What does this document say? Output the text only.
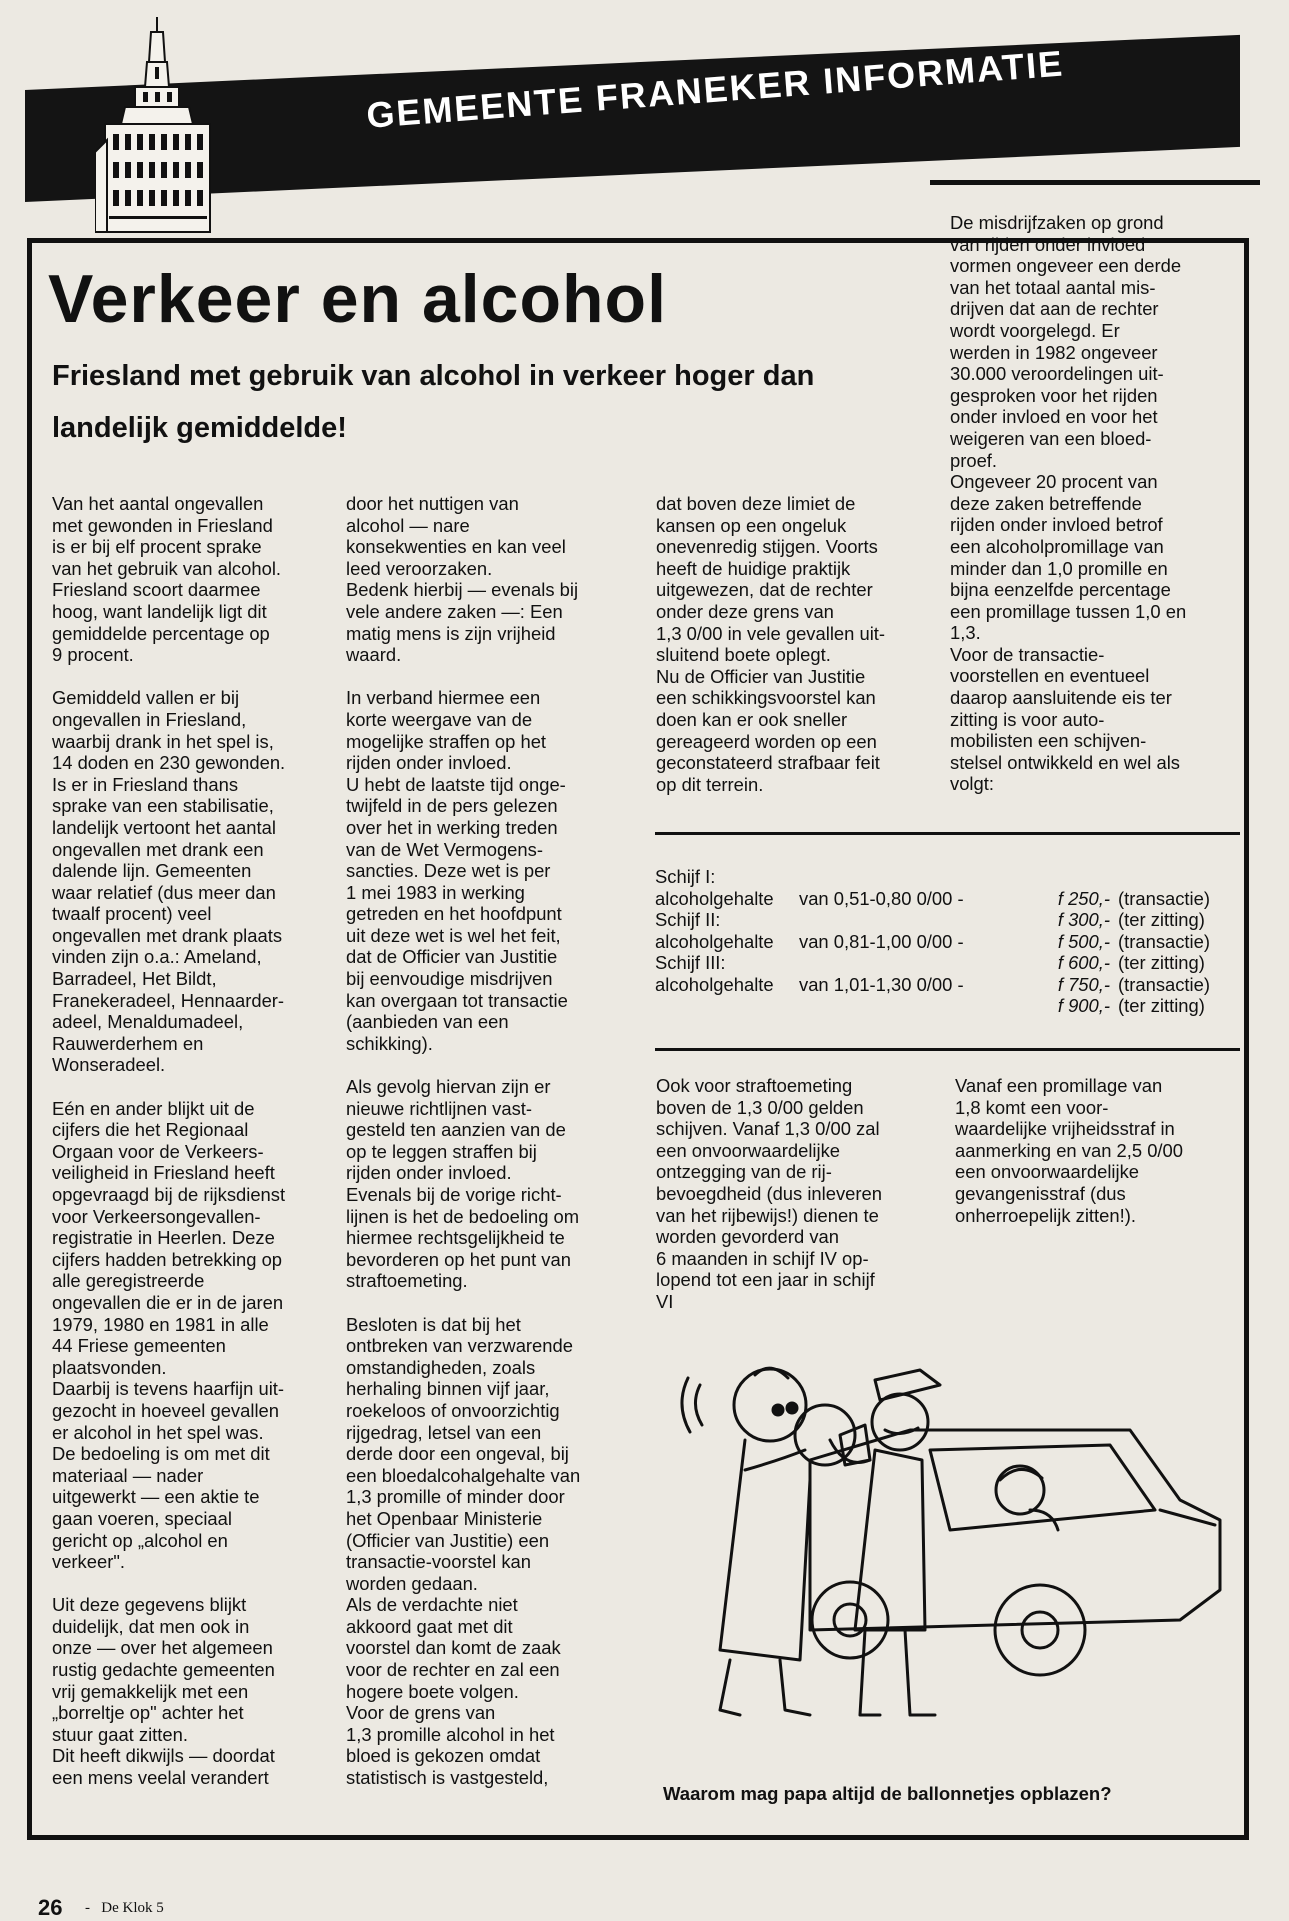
GEMEENTE FRANEKER INFORMATIE
Verkeer en alcohol
Friesland met gebruik van alcohol in verkeer hoger dan landelijk gemiddelde!
Van het aantal ongevallen
met gewonden in Friesland
is er bij elf procent sprake
van het gebruik van alcohol.
Friesland scoort daarmee
hoog, want landelijk ligt dit
gemiddelde percentage op
9 procent.

Gemiddeld vallen er bij
ongevallen in Friesland,
waarbij drank in het spel is,
14 doden en 230 gewonden.
Is er in Friesland thans
sprake van een stabilisatie,
landelijk vertoont het aantal
ongevallen met drank een
dalende lijn. Gemeenten
waar relatief (dus meer dan
twaalf procent) veel
ongevallen met drank plaats
vinden zijn o.a.: Ameland,
Barradeel, Het Bildt,
Franekeradeel, Hennaarder-
adeel, Menaldumadeel,
Rauwerderhem en
Wonseradeel.

Eén en ander blijkt uit de
cijfers die het Regionaal
Orgaan voor de Verkeers-
veiligheid in Friesland heeft
opgevraagd bij de rijksdienst
voor Verkeersongevallen-
registratie in Heerlen. Deze
cijfers hadden betrekking op
alle geregistreerde
ongevallen die er in de jaren
1979, 1980 en 1981 in alle
44 Friese gemeenten
plaatsvonden.
Daarbij is tevens haarfijn uit-
gezocht in hoeveel gevallen
er alcohol in het spel was.
De bedoeling is om met dit
materiaal — nader
uitgewerkt — een aktie te
gaan voeren, speciaal
gericht op „alcohol en
verkeer".

Uit deze gegevens blijkt
duidelijk, dat men ook in
onze — over het algemeen
rustig gedachte gemeenten
vrij gemakkelijk met een
„borreltje op" achter het
stuur gaat zitten.
Dit heeft dikwijls — doordat
een mens veelal verandert
door het nuttigen van
alcohol — nare
konsekwenties en kan veel
leed veroorzaken.
Bedenk hierbij — evenals bij
vele andere zaken —: Een
matig mens is zijn vrijheid
waard.

In verband hiermee een
korte weergave van de
mogelijke straffen op het
rijden onder invloed.
U hebt de laatste tijd onge-
twijfeld in de pers gelezen
over het in werking treden
van de Wet Vermogens-
sancties. Deze wet is per
1 mei 1983 in werking
getreden en het hoofdpunt
uit deze wet is wel het feit,
dat de Officier van Justitie
bij eenvoudige misdrijven
kan overgaan tot transactie
(aanbieden van een
schikking).

Als gevolg hiervan zijn er
nieuwe richtlijnen vast-
gesteld ten aanzien van de
op te leggen straffen bij
rijden onder invloed.
Evenals bij de vorige richt-
lijnen is het de bedoeling om
hiermee rechtsgelijkheid te
bevorderen op het punt van
straftoemeting.

Besloten is dat bij het
ontbreken van verzwarende
omstandigheden, zoals
herhaling binnen vijf jaar,
roekeloos of onvoorzichtig
rijgedrag, letsel van een
derde door een ongeval, bij
een bloedalcohalgehalte van
1,3 promille of minder door
het Openbaar Ministerie
(Officier van Justitie) een
transactie-voorstel kan
worden gedaan.
Als de verdachte niet
akkoord gaat met dit
voorstel dan komt de zaak
voor de rechter en zal een
hogere boete volgen.
Voor de grens van
1,3 promille alcohol in het
bloed is gekozen omdat
statistisch is vastgesteld,
dat boven deze limiet de
kansen op een ongeluk
onevenredig stijgen. Voorts
heeft de huidige praktijk
uitgewezen, dat de rechter
onder deze grens van
1,3 0/00 in vele gevallen uit-
sluitend boete oplegt.
Nu de Officier van Justitie
een schikkingsvoorstel kan
doen kan er ook sneller
gereageerd worden op een
geconstateerd strafbaar feit
op dit terrein.
De misdrijfzaken op grond
van rijden onder invloed
vormen ongeveer een derde
van het totaal aantal mis-
drijven dat aan de rechter
wordt voorgelegd. Er
werden in 1982 ongeveer
30.000 veroordelingen uit-
gesproken voor het rijden
onder invloed en voor het
weigeren van een bloed-
proef.
Ongeveer 20 procent van
deze zaken betreffende
rijden onder invloed betrof
een alcoholpromillage van
minder dan 1,0 promille en
bijna eenzelfde percentage
een promillage tussen 1,0 en
1,3.
Voor de transactie-
voorstellen en eventueel
daarop aansluitende eis ter
zitting is voor auto-
mobilisten een schijven-
stelsel ontwikkeld en wel als
volgt:
Schijf I:
alcoholgehalte	van 0,51-0,80 0/00 -	f 250,- (transactie)
Schijf II:	f 300,- (ter zitting)
alcoholgehalte	van 0,81-1,00 0/00 -	f 500,- (transactie)
Schijf III:	f 600,- (ter zitting)
alcoholgehalte	van 1,01-1,30 0/00 -	f 750,- (transactie)
f 900,- (ter zitting)
Ook voor straftoemeting
boven de 1,3 0/00 gelden
schijven. Vanaf 1,3 0/00 zal
een onvoorwaardelijke
ontzegging van de rij-
bevoegdheid (dus inleveren
van het rijbewijs!) dienen te
worden gevorderd van
6 maanden in schijf IV op-
lopend tot een jaar in schijf
VI
Vanaf een promillage van
1,8 komt een voor-
waardelijke vrijheidsstraf in
aanmerking en van 2,5 0/00
een onvoorwaardelijke
gevangenisstraf (dus
onherroepelijk zitten!).
Waarom mag papa altijd de ballonnetjes opblazen?
26 - De Klok 5
